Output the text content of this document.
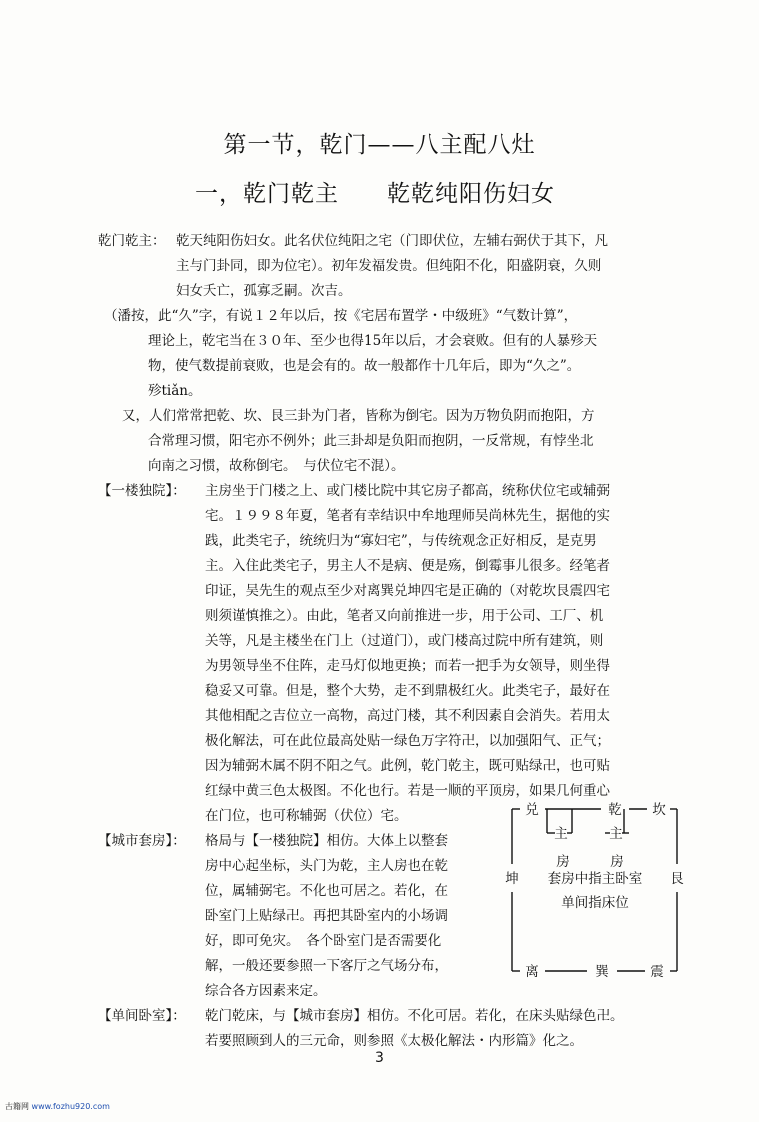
第一节，乾门——八主配八灶
一，乾门乾主　　乾乾纯阳伤妇女
乾门乾主： 乾天纯阳伤妇女。此名伏位纯阳之宅（门即伏位，左辅右弼伏于其下，凡
主与门卦同，即为位宅）。初年发福发贵。但纯阳不化，阳盛阴衰，久则
妇女夭亡，孤寡乏嗣。次吉。
（潘按，此“久”字，有说１２年以后，按《宅居布置学・中级班》“气数计算”，
理论上，乾宅当在３０年、至少也得15年以后，才会衰败。但有的人暴殄天
物，使气数提前衰败，也是会有的。故一般都作十几年后，即为“久之”。
殄tiǎn。
又，人们常常把乾、坎、艮三卦为门者，皆称为倒宅。因为万物负阴而抱阳，方
合常理习惯，阳宅亦不例外；此三卦却是负阳而抱阴，一反常规，有悖坐北
向南之习惯，故称倒宅。　与伏位宅不混）。
【一楼独院】： 主房坐于门楼之上、或门楼比院中其它房子都高，统称伏位宅或辅弼
宅。１９９８年夏，笔者有幸结识中牟地理师吴尚林先生，据他的实
践，此类宅子，统统归为“寡妇宅”，与传统观念正好相反，是克男
主。入住此类宅子，男主人不是病、便是殇，倒霉事儿很多。经笔者
印证，吴先生的观点至少对离巽兑坤四宅是正确的（对乾坎艮震四宅
则须谨慎推之）。由此，笔者又向前推进一步，用于公司、工厂、机
关等，凡是主楼坐在门上（过道门），或门楼高过院中所有建筑，则
为男领导坐不住阵，走马灯似地更换；而若一把手为女领导，则坐得
稳妥又可靠。但是，整个大势，走不到鼎极红火。此类宅子，最好在
其他相配之吉位立一高物，高过门楼，其不利因素自会消失。若用太
极化解法，可在此位最高处贴一绿色万字符卍，以加强阳气、正气；
因为辅弼木属不阴不阳之气。此例，乾门乾主，既可贴绿卍，也可贴
红绿中黄三色太极图。不化也行。若是一顺的平顶房，如果几何重心
在门位，也可称辅弼（伏位）宅。
【城市套房】： 格局与【一楼独院】相仿。大体上以整套
房中心起坐标，头门为乾，主人房也在乾
位，属辅弼宅。不化也可居之。若化，在
卧室门上贴绿卍。再把其卧室内的小场调
好，即可免灾。　各个卧室门是否需要化
解，一般还要参照一下客厅之气场分布，
综合各方因素来定。
【单间卧室】： 乾门乾床，与【城市套房】相仿。不化可居。若化，在床头贴绿色卍。
若要照顾到人的三元命，则参照《太极化解法・内形篇》化之。
兑	乾 坎
主	主
房	房
坤	艮
套房中指主卧室
单间指床位
离	巽	震
3
古籍网 www.fozhu920.com
